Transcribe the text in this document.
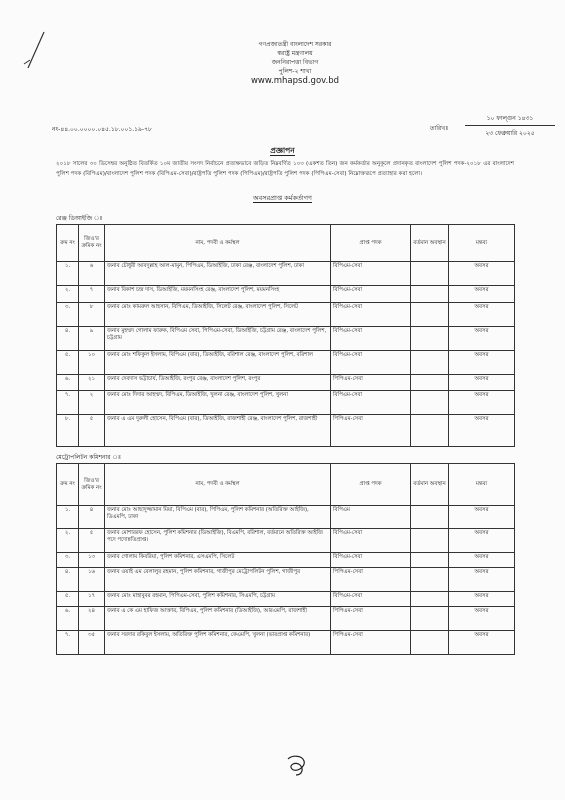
গণপ্রজাতন্ত্রী বাংলাদেশ সরকার
স্বরাষ্ট্র মন্ত্রণালয়
জননিরাপত্তা বিভাগ
পুলিশ-২ শাখা
www.mhapsd.gov.bd
নং-৪৪.০০.০০০০.০৪৫.১৮.০০১.১৯-৭৮	তারিখঃ
১০ ফাল্গুন ১৪৩১
২৩ ফেব্রুয়ারি ২০২৫
প্রজ্ঞাপন
২০১৮ সালের ৩০ ডিসেম্বর অনুষ্ঠিত বিতর্কিত ১০ম জাতীয় সংসদ নির্বাচনে প্রত্যক্ষভাবে জড়িত নিম্নবর্ণিত ১০৩ (একশত তিন) জন কর্মকর্তার অনুকূলে প্রদানকৃত বাংলাদেশ পুলিশ পদক-২০১৮ এর বাংলাদেশ পুলিশ পদক (বিপিএম)/বাংলাদেশ পুলিশ পদক (বিপিএম-সেবা)/রাষ্ট্রপতি পুলিশ পদক (পিপিএম)/রাষ্ট্রপতি পুলিশ পদক (পিপিএম-সেবা) নিম্নোক্তরূপে প্রত্যাহার করা হলো।
অবসরপ্রাপ্ত কর্মকর্তাগণ
রেঞ্জ ডিআইজি ঃ
ক্রম নং	জিও'র ক্রমিক নং	নাম, পদবী ও কর্মস্থল	প্রাপ্ত পদক	বর্তমান অবস্থান	মন্তব্য
১.	৬	জনাব চৌধুরী আবদুল্লাহ আল-মামুন, পিপিএম, ডিআইজি, ঢাকা রেঞ্জ, বাংলাদেশ পুলিশ, ঢাকা	বিপিএম-সেবা		অবসর
২.	৭	জনাব বিকাশ চন্দ্র দাস, ডিআইজি, ময়মনসিংহ রেঞ্জ, বাংলাদেশ পুলিশ, ময়মনসিংহ	বিপিএম-সেবা		অবসর
৩.	৮	জনাব মোঃ কামরুল আহসান, বিপিএম, ডিআইজি, সিলেট রেঞ্জ, বাংলাদেশ পুলিশ, সিলেট	বিপিএম-সেবা		অবসর
৪.	৯	জনাব মুহম্মদ গোলাম ফারুক, বিপিএম সেবা, পিপিএম-সেবা, ডিআইজি, চট্টগ্রাম রেঞ্জ, বাংলাদেশ পুলিশ, চট্টগ্রাম	বিপিএম-সেবা		অবসর
৫.	১০	জনাব মোঃ শফিকুল ইসলাম, বিপিএম (বার), ডিআইজি, বরিশাল রেঞ্জ, বাংলাদেশ পুলিশ, বরিশাল	বিপিএম-সেবা		অবসর
৬.	২১	জনাব দেবদাস ভট্টাচার্য, ডিআইজি, রংপুর রেঞ্জ, বাংলাদেশ পুলিশ, রংপুর	পিপিএম-সেবা		অবসর
৭.	২	জনাব মোঃ দিদার আহম্মদ, বিপিএম, ডিআইজি, খুলনা রেঞ্জ, বাংলাদেশ পুলিশ, খুলনা	বিপিএম-সেবা		অবসর
৮.	৫	জনাব এ এম দুরুলী হোসেন, বিপিএম (বার), ডিআইজি, রাজশাহী রেঞ্জ, বাংলাদেশ পুলিশ, রাজশাহী	পিপিএম-সেবা		অবসর
মেট্রোপলিটন কমিশনার ঃ
ক্রম নং	জিও'র ক্রমিক নং	নাম, পদবী ও কর্মস্থল	প্রাপ্ত পদক	বর্তমান অবস্থান	মন্তব্য
১.	৪	জনাব মোঃ আছাদুজ্জামান মিয়া, বিপিএম (বার), পিপিএম, পুলিশ কমিশনার (অতিরিক্ত আইজি), ডিএমপি, ঢাকা	বিপিএম		অবসর
২.	৫	জনাব মোশাররফ হোসেন, পুলিশ কমিশনার (ডিআইজি), বিএমপি, বরিশাল, বর্তমানে অতিরিক্ত আইজি পদে পদোন্নতিপ্রাপ্ত।	বিপিএম-সেবা		অবসর
৩.	১৩	জনাব গোলাম কিবরিয়া, পুলিশ কমিশনার, এসএমপি, সিলেট	বিপিএম-সেবা		অবসর
৪.	১৬	জনাব ওয়াই এম বেলালুর রহমান, পুলিশ কমিশনার, গাজীপুর মেট্রোপলিটন পুলিশ, গাজীপুর	পিপিএম-সেবা		অবসর
৫.	১৭	জনাব মোঃ মাহাবুবর রহমান, পিপিএম-সেবা, পুলিশ কমিশনার, সিএমপি, চট্টগ্রাম	বিপিএম-সেবা		অবসর
৬.	২৪	জনাব এ কে এম হাফিজ আক্তার, বিপিএম, পুলিশ কমিশনার (ডিআইজি), আরএমপি, রাজশাহী	পিপিএম-সেবা		অবসর
৭.	৩৫	জনাব সরদার রকিবুল ইসলাম, অতিরিক্ত পুলিশ কমিশনার, কেএমপি, খুলনা (ভারপ্রাপ্ত কমিশনার)	পিপিএম-সেবা		অবসর
